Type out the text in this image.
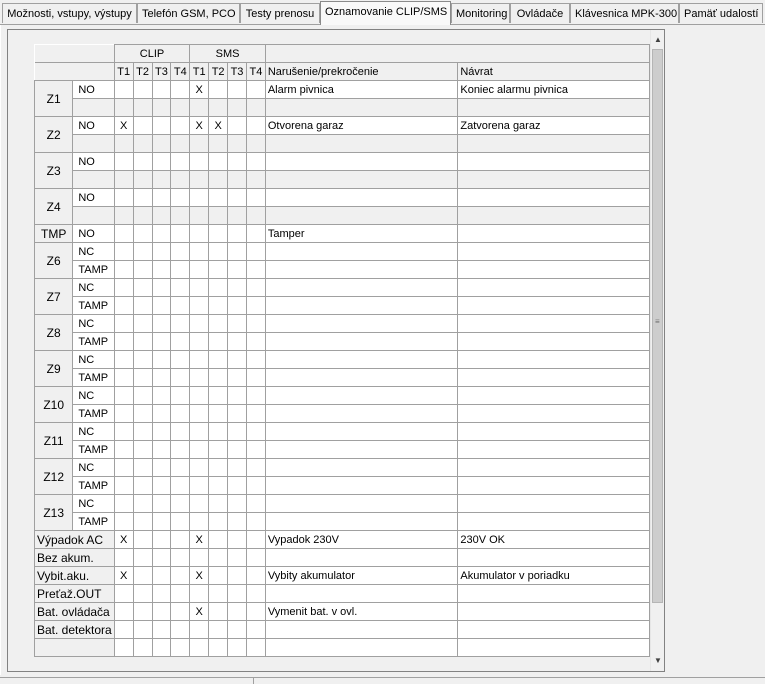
Možnosti, vstupy, výstupy Telefón GSM, PCO Testy prenosu Oznamovanie CLIP/SMS Monitoring Ovládače	Klávesnica MPK-300 Pamäť udalostí
		CLIP				SMS					
		T1	T2	T3	T4	T1	T2	T3	T4	Narušenie/prekročenie	Návrat
Z1	NO					X				Alarm pivnica	Koniec alarmu pivnica

Z2	NO	X				X	X			Otvorena garaz	Zatvorena garaz

Z3	NO										

Z4	NO										

TMP	NO									Tamper	
Z6	NC										
	TAMP										
Z7	NC										
	TAMP										
Z8	NC										
	TAMP										
Z9	NC										
	TAMP										
Z10	NC										
	TAMP										
Z11	NC										
	TAMP										
Z12	NC										
	TAMP										
Z13	NC										
	TAMP										
Výpadok AC		X				X				Vypadok 230V	230V OK
Bez akum.											
Vybit.aku.		X				X				Vybity akumulator	Akumulator v poriadku
Preťaž.OUT											
Bat. ovládača						X				Vymenit bat. v ovl.	
Bat. detektora											

▲
≡
▼
